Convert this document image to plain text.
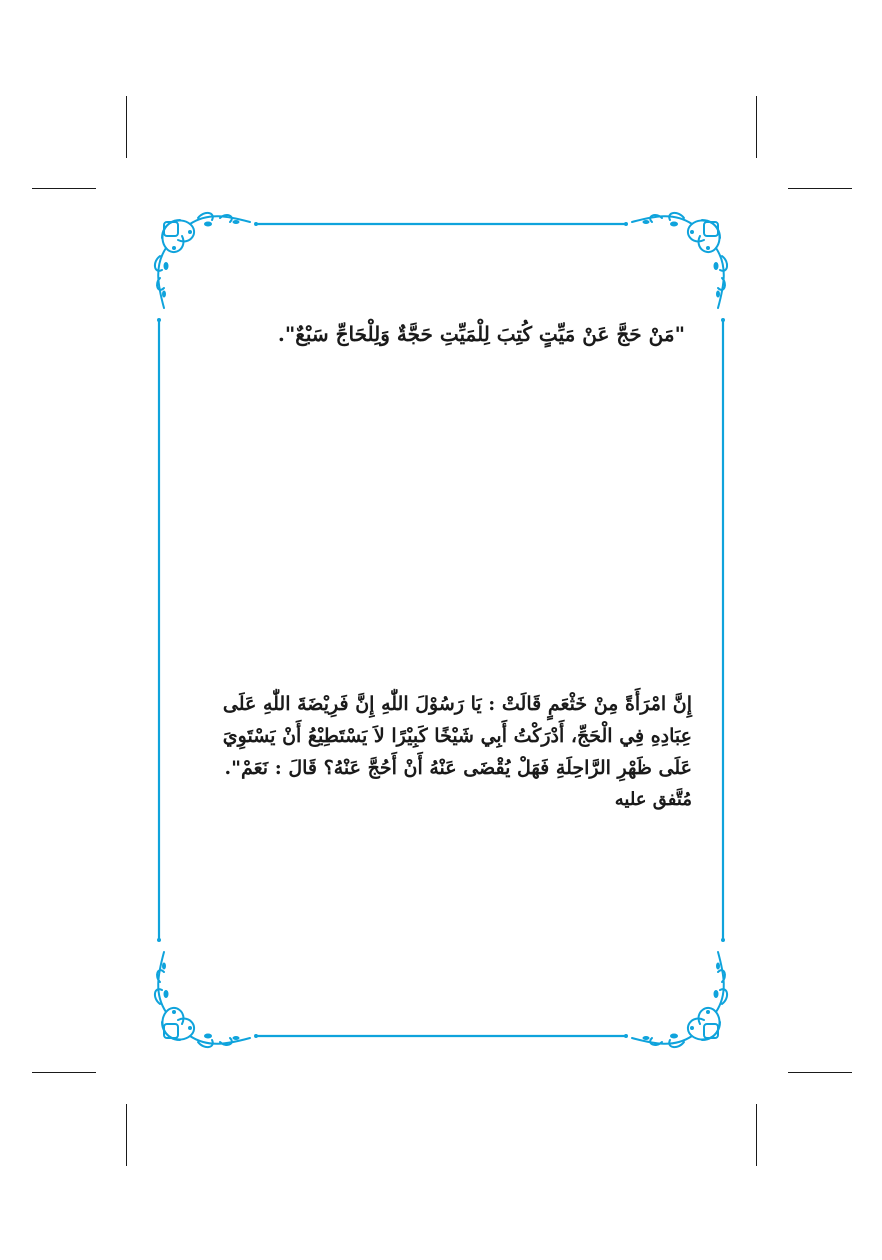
"مَنْ حَجَّ عَنْ مَيِّتٍ كُتِبَ لِلْمَيِّتِ حَجَّةٌ وَلِلْحَاجِّ سَبْعٌ".
إِنَّ امْرَأَةً مِنْ خَثْعَمٍ قَالَتْ : يَا رَسُوْلَ اللّٰهِ إِنَّ فَرِيْضَةَ اللّٰهِ عَلَى
عِبَادِهِ فِي الْحَجِّ، أَدْرَكْتُ أَبِي شَيْخًا كَبِيْرًا لاَ يَسْتَطِيْعُ أَنْ يَسْتَوِيَ
عَلَى ظَهْرِ الرَّاحِلَةِ فَهَلْ يُقْضَى عَنْهُ أَنْ أَحُجَّ عَنْهُ؟ قَالَ : نَعَمْ".
مُتَّفق عليه
